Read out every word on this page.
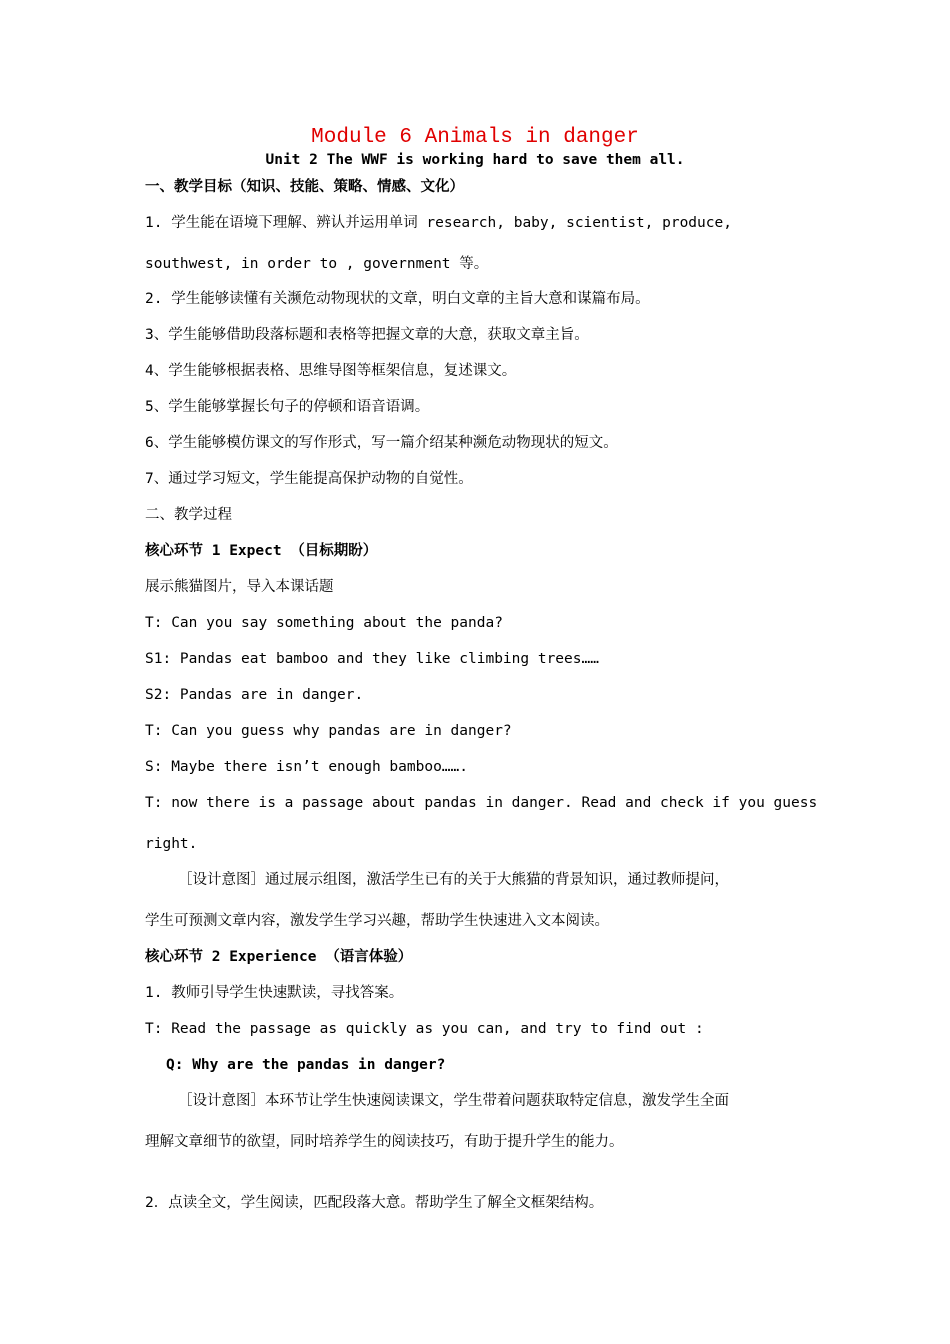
Module 6 Animals in danger
Unit 2 The WWF is working hard to save them all.
一、教学目标（知识、技能、策略、情感、文化）
1. 学生能在语境下理解、辨认并运用单词 research, baby, scientist, produce,
southwest, in order to , government 等。
2. 学生能够读懂有关濒危动物现状的文章，明白文章的主旨大意和谋篇布局。
3、学生能够借助段落标题和表格等把握文章的大意，获取文章主旨。
4、学生能够根据表格、思维导图等框架信息，复述课文。
5、学生能够掌握长句子的停顿和语音语调。
6、学生能够模仿课文的写作形式，写一篇介绍某种濒危动物现状的短文。
7、通过学习短文，学生能提高保护动物的自觉性。
二、教学过程
核心环节 1 Expect （目标期盼）
展示熊猫图片，导入本课话题
T: Can you say something about the panda?
S1: Pandas eat bamboo and they like climbing trees……
S2: Pandas are in danger.
T: Can you guess why pandas are in danger?
S: Maybe there isn’t enough bamboo…….
T: now there is a passage about pandas in danger. Read and check if you guess
right.
［设计意图］通过展示组图，激活学生已有的关于大熊猫的背景知识，通过教师提问，
学生可预测文章内容，激发学生学习兴趣，帮助学生快速进入文本阅读。
核心环节 2 Experience （语言体验）
1. 教师引导学生快速默读，寻找答案。
T: Read the passage as quickly as you can, and try to find out :
Q: Why are the pandas in danger?
［设计意图］本环节让学生快速阅读课文，学生带着问题获取特定信息，激发学生全面
理解文章细节的欲望，同时培养学生的阅读技巧，有助于提升学生的能力。
2．点读全文，学生阅读，匹配段落大意。帮助学生了解全文框架结构。
